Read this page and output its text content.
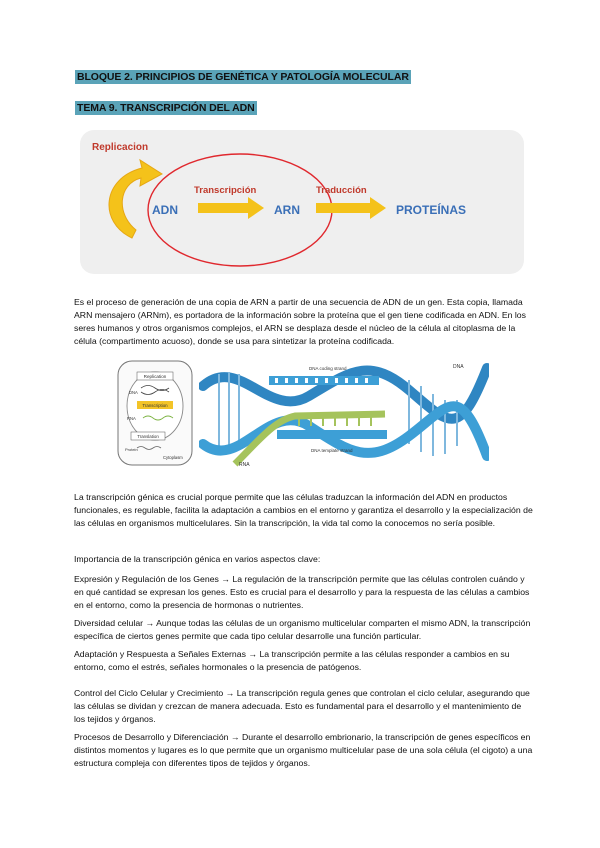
BLOQUE 2. PRINCIPIOS DE GENÉTICA Y PATOLOGÍA MOLECULAR
TEMA 9. TRANSCRIPCIÓN DEL ADN
Replicacion
Transcripción	Traducción
ADN	ARN	PROTEÍNAS

Es el proceso de generación de una copia de ARN a partir de una secuencia de ADN de un gen. Esta copia, llamada ARN mensajero (ARNm), es portadora de la información sobre la proteína que el gen tiene codificada en ADN. En los seres humanos y otros organismos complejos, el ARN se desplaza desde el núcleo de la célula al citoplasma de la célula (compartimento acuoso), donde se usa para sintetizar la proteína codificada.

Replication
DNA
Transcription
RNA
Translation
Protein
Cytoplasm
DNA coding strand
DNA template strand
DNA
RNA

La transcripción génica es crucial porque permite que las células traduzcan la información del ADN en productos funcionales, es regulable, facilita la adaptación a cambios en el entorno y garantiza el desarrollo y la especialización de las células en organismos multicelulares. Sin la transcripción, la vida tal como la conocemos no sería posible.

Importancia de la transcripción génica en varios aspectos clave:

Expresión y Regulación de los Genes → La regulación de la transcripción permite que las células controlen cuándo y en qué cantidad se expresan los genes. Esto es crucial para el desarrollo y para la respuesta de las células a cambios en el entorno, como la presencia de hormonas o nutrientes.

Diversidad celular → Aunque todas las células de un organismo multicelular comparten el mismo ADN, la transcripción específica de ciertos genes permite que cada tipo celular desarrolle una función particular.

Adaptación y Respuesta a Señales Externas → La transcripción permite a las células responder a cambios en su entorno, como el estrés, señales hormonales o la presencia de patógenos.

Control del Ciclo Celular y Crecimiento → La transcripción regula genes que controlan el ciclo celular, asegurando que las células se dividan y crezcan de manera adecuada. Esto es fundamental para el desarrollo y el mantenimiento de los tejidos y órganos.

Procesos de Desarrollo y Diferenciación → Durante el desarrollo embrionario, la transcripción de genes específicos en distintos momentos y lugares es lo que permite que un organismo multicelular pase de una sola célula (el cigoto) a una estructura compleja con diferentes tipos de tejidos y órganos.
